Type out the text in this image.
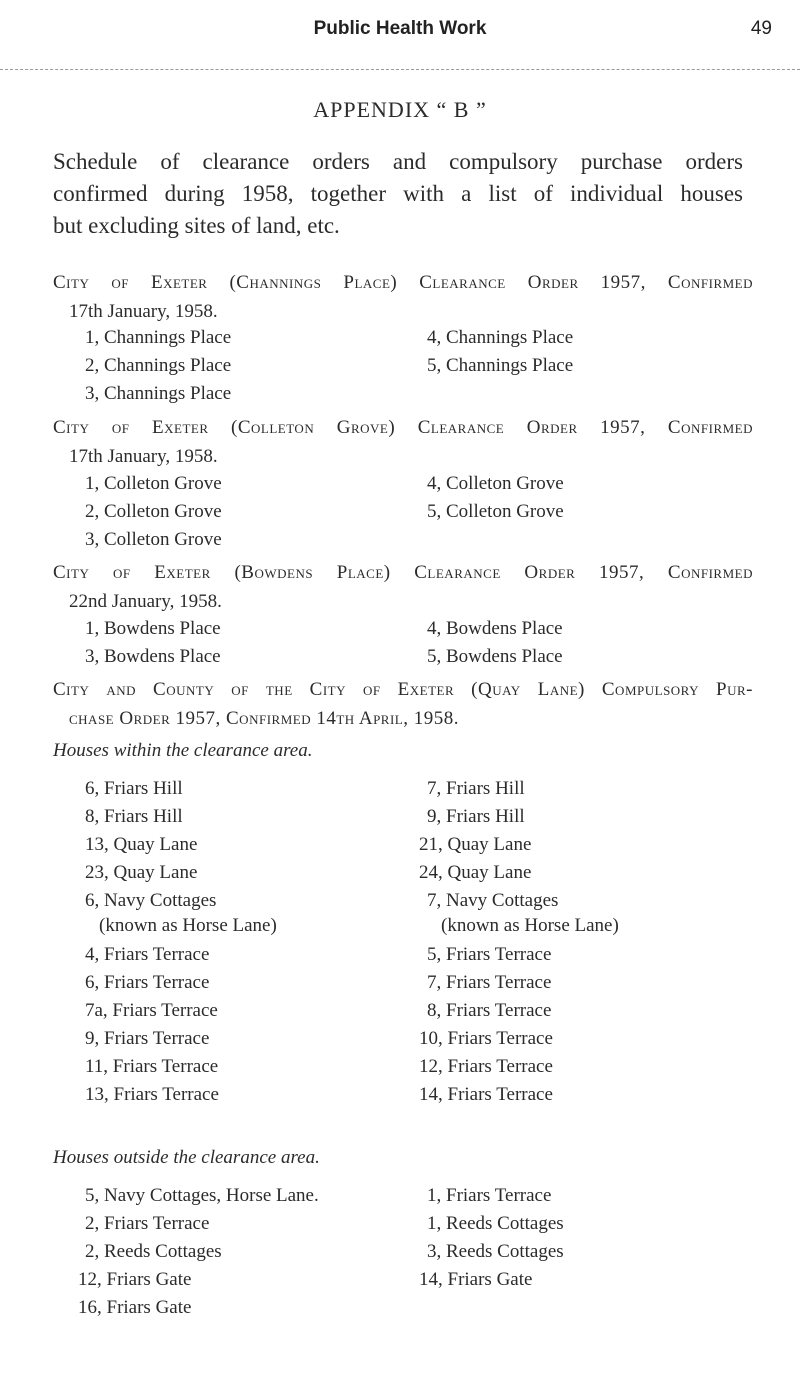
Public Health Work	49
APPENDIX “ B ”
Schedule of clearance orders and compulsory purchase orders
confirmed during 1958, together with a list of individual houses
but excluding sites of land, etc.
City of Exeter (Channings Place) Clearance Order 1957, Confirmed
17th January, 1958.
1, Channings Place
2, Channings Place
3, Channings Place
4, Channings Place
5, Channings Place
City of Exeter (Colleton Grove) Clearance Order 1957, Confirmed
17th January, 1958.
1, Colleton Grove
2, Colleton Grove
3, Colleton Grove
4, Colleton Grove
5, Colleton Grove
City of Exeter (Bowdens Place) Clearance Order 1957, Confirmed
22nd January, 1958.
1, Bowdens Place
3, Bowdens Place
4, Bowdens Place
5, Bowdens Place
City and County of the City of Exeter (Quay Lane) Compulsory Pur-
chase Order 1957, Confirmed 14th April, 1958.
Houses within the clearance area.
6, Friars Hill
8, Friars Hill
13, Quay Lane
23, Quay Lane
6, Navy Cottages
4, Friars Terrace
6, Friars Terrace
7a, Friars Terrace
9, Friars Terrace
11, Friars Terrace
13, Friars Terrace
7, Friars Hill
9, Friars Hill
21, Quay Lane
24, Quay Lane
7, Navy Cottages
5, Friars Terrace
7, Friars Terrace
8, Friars Terrace
10, Friars Terrace
12, Friars Terrace
14, Friars Terrace
(known as Horse Lane)	(known as Horse Lane)
Houses outside the clearance area.
5, Navy Cottages, Horse Lane.
2, Friars Terrace
2, Reeds Cottages
12, Friars Gate
16, Friars Gate
1, Friars Terrace
1, Reeds Cottages
3, Reeds Cottages
14, Friars Gate
